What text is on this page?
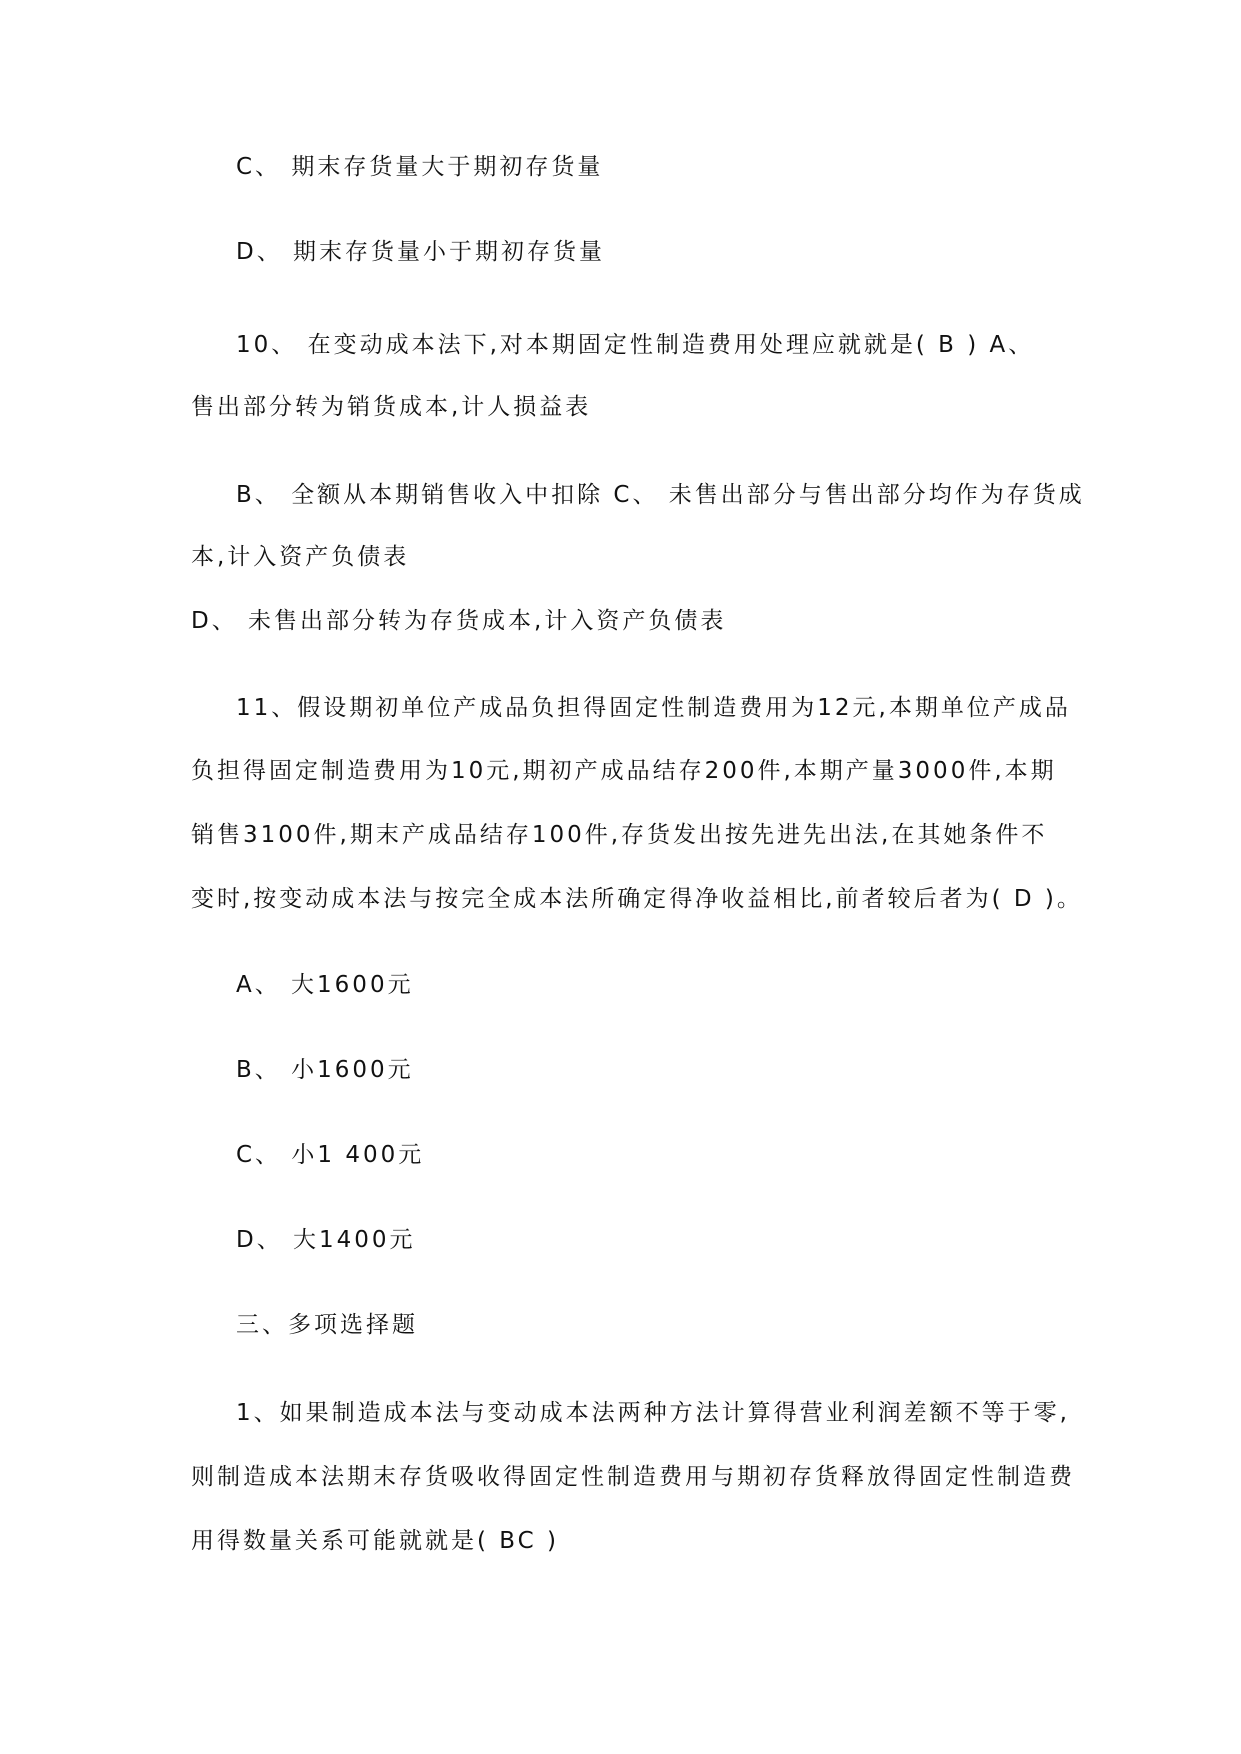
C、 期末存货量大于期初存货量
D、 期末存货量小于期初存货量
10、 在变动成本法下,对本期固定性制造费用处理应就就是( B ) A、
售出部分转为销货成本,计人损益表
B、 全额从本期销售收入中扣除 C、 未售出部分与售出部分均作为存货成
本,计入资产负债表
D、 未售出部分转为存货成本,计入资产负债表
11、假设期初单位产成品负担得固定性制造费用为12元,本期单位产成品
负担得固定制造费用为10元,期初产成品结存200件,本期产量3000件,本期
销售3100件,期末产成品结存100件,存货发出按先进先出法,在其她条件不
变时,按变动成本法与按完全成本法所确定得净收益相比,前者较后者为( D )。
A、 大1600元
B、 小1600元
C、 小1 400元
D、 大1400元
三、多项选择题
1、如果制造成本法与变动成本法两种方法计算得营业利润差额不等于零,
则制造成本法期末存货吸收得固定性制造费用与期初存货释放得固定性制造费
用得数量关系可能就就是( BC )
